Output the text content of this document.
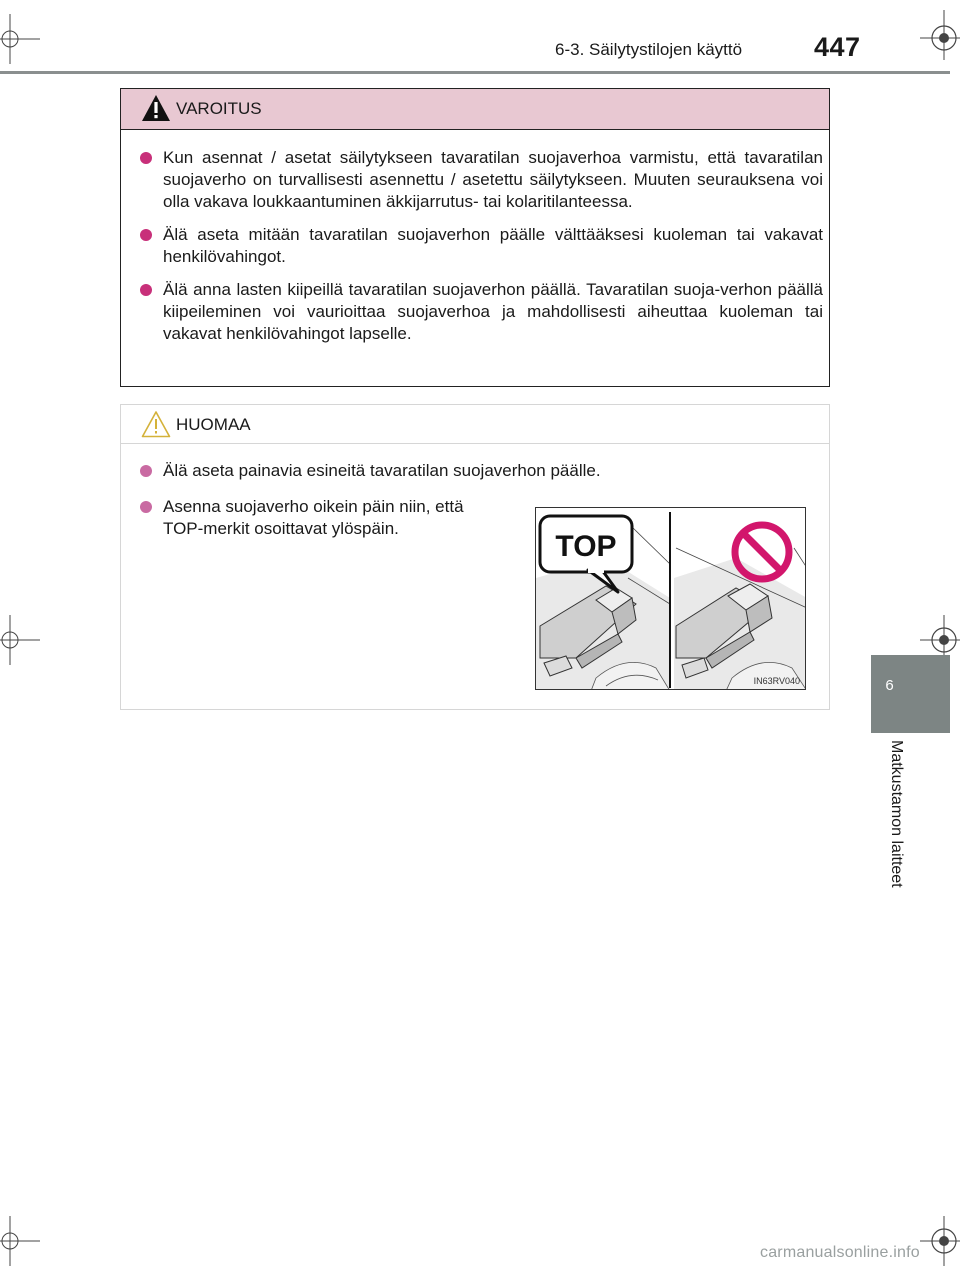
6-3. Säilytystilojen käyttö	447
6
Matkustamon laitteet
VAROITUS
Kun asennat / asetat säilytykseen tavaratilan suojaverhoa varmistu, että tavaratilan suojaverho on turvallisesti asennettu / asetettu säilytykseen. Muuten seurauksena voi olla vakava loukkaantuminen äkkijarrutus- tai kolaritilanteessa.
Älä aseta mitään tavaratilan suojaverhon päälle välttääksesi kuoleman tai vakavat henkilövahingot.
Älä anna lasten kiipeillä tavaratilan suojaverhon päällä. Tavaratilan suoja-verhon päällä kiipeileminen voi vaurioittaa suojaverhoa ja mahdollisesti aiheuttaa kuoleman tai vakavat henkilövahingot lapselle.
HUOMAA
Älä aseta painavia esineitä tavaratilan suojaverhon päälle.
Asenna suojaverho oikein päin niin, että TOP-merkit osoittavat ylöspäin.
TOP
IN63RV040
carmanualsonline.info
